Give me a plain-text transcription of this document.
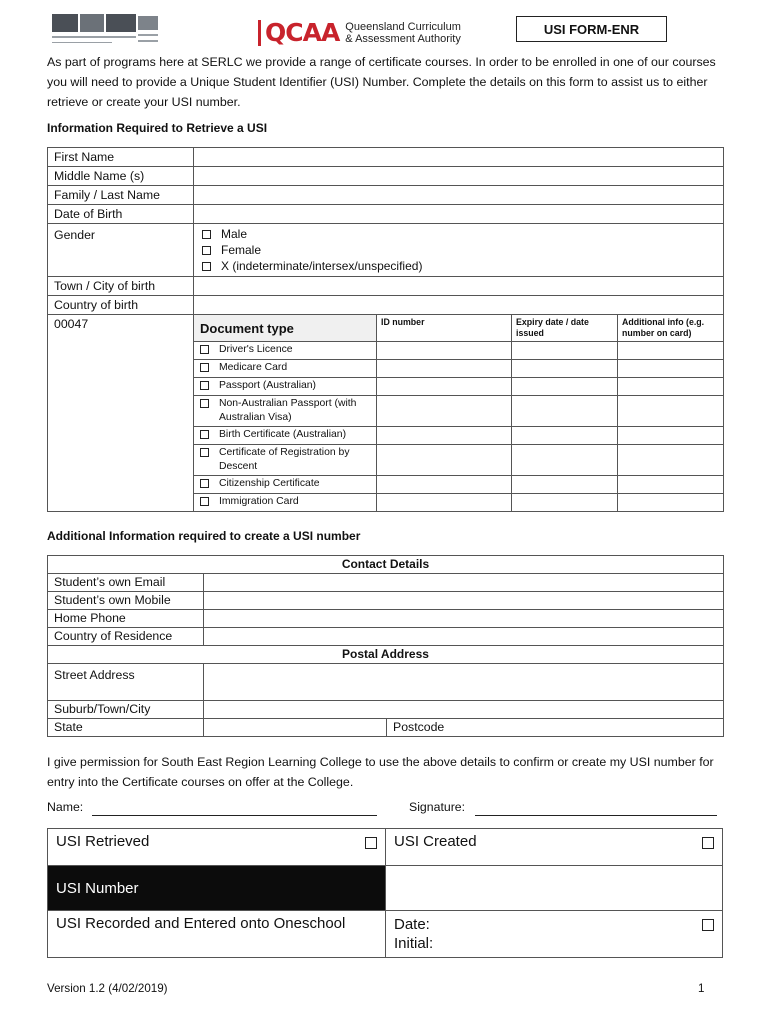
QCAA Queensland Curriculum
& Assessment Authority
USI FORM-ENR
As part of programs here at SERLC we provide a range of certificate courses. In order to be enrolled in one of our courses you will need to provide a Unique Student Identifier (USI) Number. Complete the details on this form to assist us to either retrieve or create your USI number.
Information Required to Retrieve a USI
First Name				
Middle Name (s)				
Family / Last Name				
Date of Birth				
Gender	Male
Female
X (indeterminate/intersex/unspecified)			

Town / City of birth				
Country of birth				
00047	Document type	ID number	Expiry date / date issued	Additional info (e.g. number on card)

	Driver's Licence			

	Medicare Card			

	Passport (Australian)			

	Non-Australian Passport (with Australian Visa)			

	Birth Certificate (Australian)			

	Certificate of Registration by Descent			

	Citizenship Certificate			

	Immigration Card			

Additional Information required to create a USI number
Contact Details		
Student’s own Email		
Student’s own Mobile		
Home Phone		
Country of Residence		
Postal Address		
Street Address		
Suburb/Town/City		
State		Postcode
I give permission for South East Region Learning College to use the above details to confirm or create my USI number for entry into the Certificate courses on offer at the College.
Name:	Signature:
USI Retrieved	USI Created

USI Number	
USI Recorded and Entered onto Oneschool	Date:
Initial:
Version 1.2 (4/02/2019)	1
